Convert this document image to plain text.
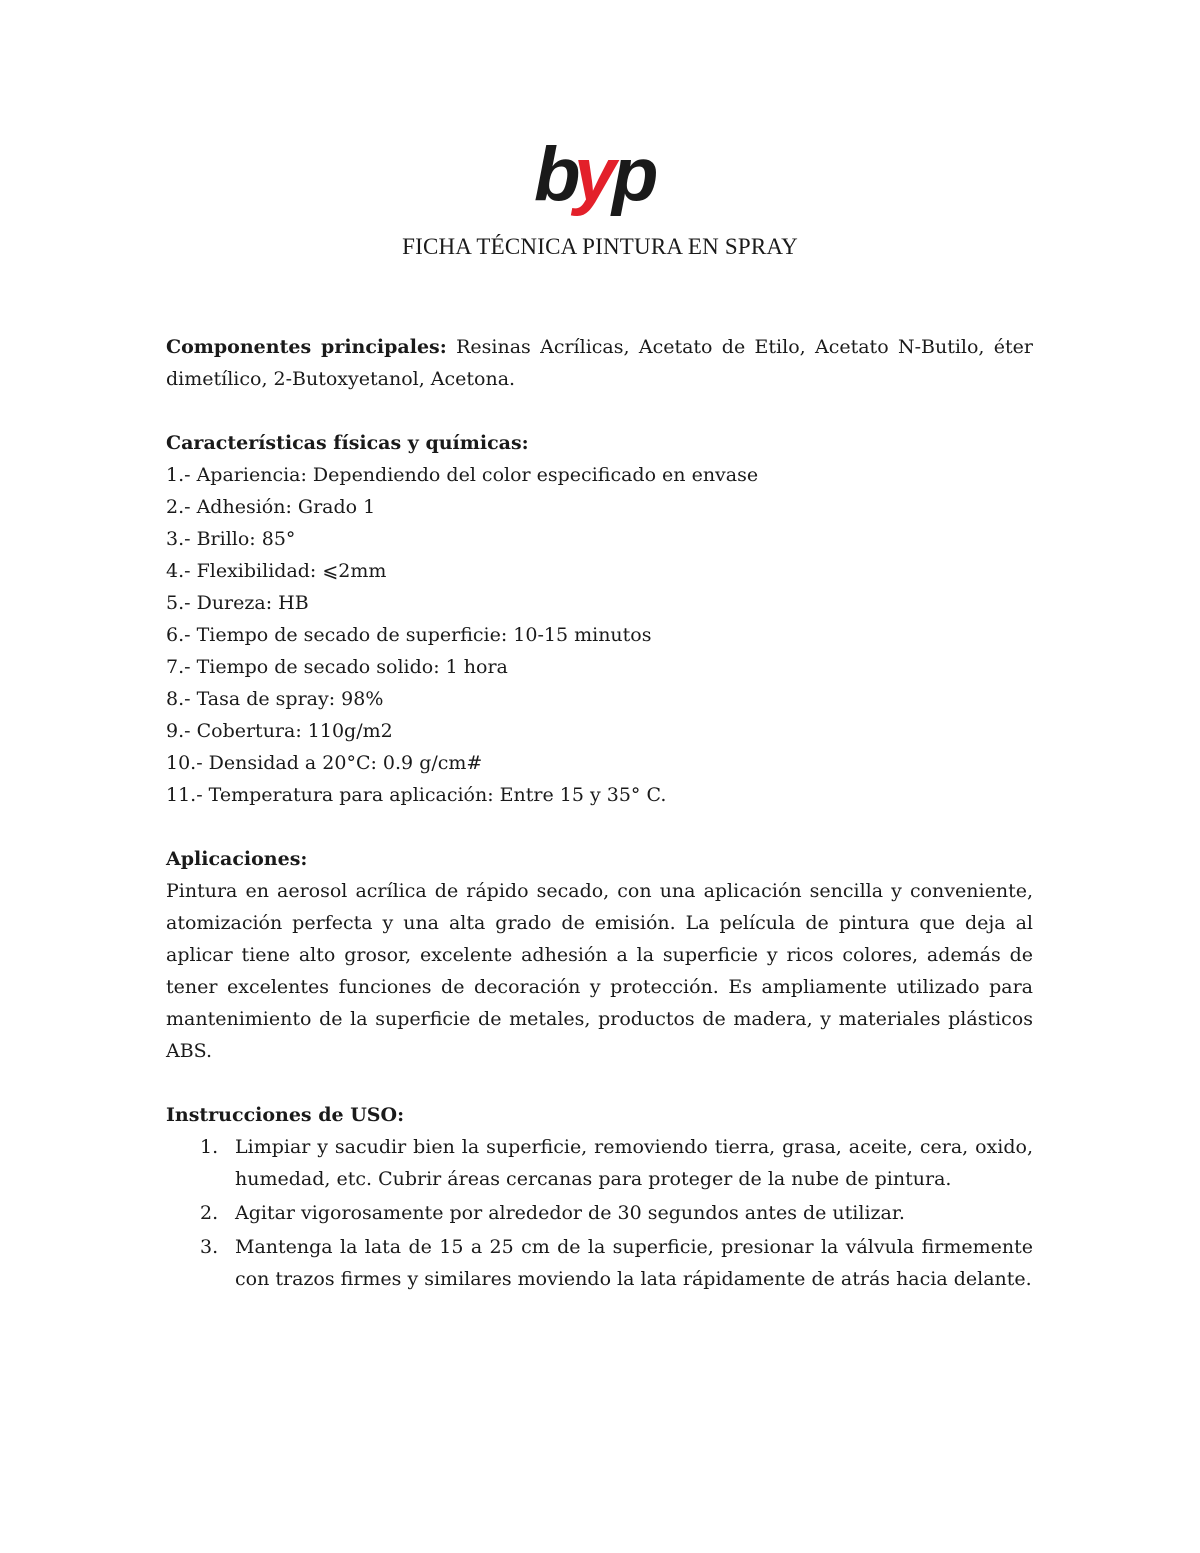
b
y
p
FICHA TÉCNICA PINTURA EN SPRAY

Componentes principales: Resinas Acrílicas, Acetato de Etilo, Acetato N-Butilo, éter dimetílico, 2-Butoxyetanol, Acetona.

Características físicas y químicas:

1.- Apariencia: Dependiendo del color especificado en envase
2.- Adhesión: Grado 1
3.- Brillo: 85°
4.- Flexibilidad: ⩽2mm
5.- Dureza: HB
6.- Tiempo de secado de superficie: 10-15 minutos
7.- Tiempo de secado solido: 1 hora
8.- Tasa de spray: 98%
9.- Cobertura: 110g/m2
10.- Densidad a 20°C: 0.9 g/cm#
11.- Temperatura para aplicación: Entre 15 y 35° C.

Aplicaciones:

Pintura en aerosol acrílica de rápido secado, con una aplicación sencilla y conveniente, atomización perfecta y una alta grado de emisión. La película de pintura que deja al aplicar tiene alto grosor, excelente adhesión a la superficie y ricos colores, además de tener excelentes funciones de decoración y protección. Es ampliamente utilizado para mantenimiento de la superficie de metales, productos de madera, y materiales plásticos ABS.

Instrucciones de USO:

1. Limpiar y sacudir bien la superficie, removiendo tierra, grasa, aceite, cera, oxido, humedad, etc. Cubrir áreas cercanas para proteger de la nube de pintura.
2. Agitar vigorosamente por alrededor de 30 segundos antes de utilizar.
3. Mantenga la lata de 15 a 25 cm de la superficie, presionar la válvula firmemente con trazos firmes y similares moviendo la lata rápidamente de atrás hacia delante.
